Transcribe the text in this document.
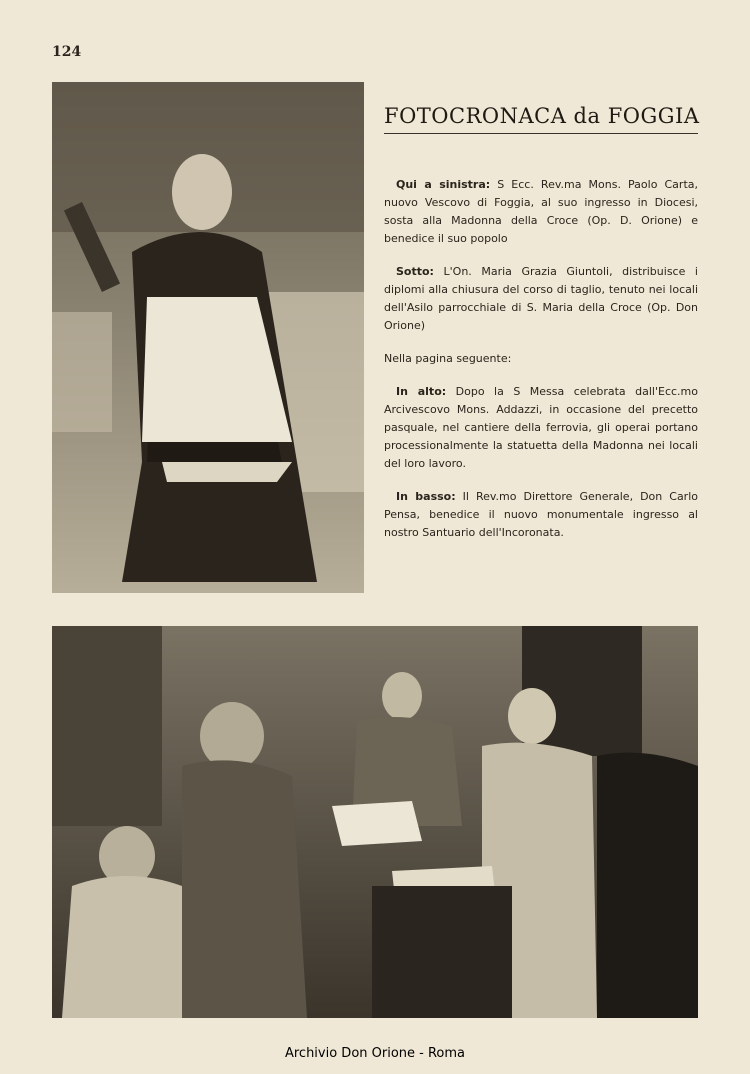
124
FOTOCRONACA da FOGGIA

Qui a sinistra: S Ecc. Rev.ma Mons. Paolo Carta, nuovo Vescovo di Foggia, al suo ingresso in Diocesi, sosta alla Madonna della Croce (Op. D. Orione) e benedice il suo popolo

Sotto: L'On. Maria Grazia Giuntoli, distribuisce i diplomi alla chiusura del corso di taglio, tenuto nei locali dell'Asilo parrocchiale di S. Maria della Croce (Op. Don Orione)

Nella pagina seguente:

In alto: Dopo la S Messa celebrata dall'Ecc.mo Arcivescovo Mons. Addazzi, in occasione del precetto pasquale, nel cantiere della ferrovia, gli operai portano processionalmente la statuetta della Madonna nei locali del loro lavoro.

In basso: Il Rev.mo Direttore Generale, Don Carlo Pensa, benedice il nuovo monumentale ingresso al nostro Santuario dell'Incoronata.

Archivio Don Orione - Roma
